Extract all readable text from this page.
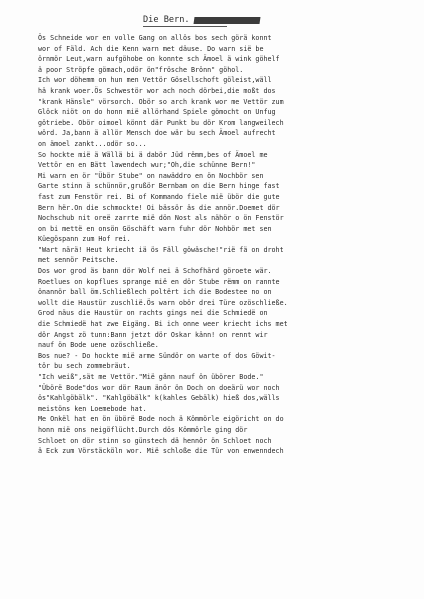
Die Bern.
Ös Schneide wor en volle Gang on allös bos sech görä konnt
wor of Fäld. Ach die Kenn warn met däuse. Do warn sië be
örnmör Leut,warn aufgöhobe on konnte sch Ämoel ä wink göhelf
ä poor Ströpfe gömach,odör ön"frösche Brönn" göhol.
Ich wor döhemm on hun men Vettör Gösellschoft göleist,wäll
hä krank woer.Ös Schwestör wor ach noch dörbei,die moßt dos
"krank Hänsle" vörsorch. Obör so arch krank wor me Vettör zum
Glöck niöt on do honn mië allörhand Spiele gömocht on Unfug
götriebe. Obör oimoel könnt där Punkt bu dör Krom langweilech
wörd. Ja,bann ä allör Mensch doe wär bu sech Ämoel aufrecht
on ämoel zankt...odör so...
So hockte mië ä Wällä bi ä dabör Jüd rëmm,bes of Ämoel me
Vettör en en Bätt lawendech wur;"Oh,die schünne Bern!"
Mi warn en ör "Übör Stube" on nawäddro en ön Nochbör sen
Garte stinn ä schünnör,grußör Bernbam on die Bern hinge fast
fast zum Fenstör rei. Bi of Kommando fiele mië übör die gute
Bern hër.On die schmockte! Oi bässör äs die annör.Doemet dör
Nochschub nit oreë zarrte mië dön Nost als nähör o ön Fenstör
on bi mettë en onsön Göschäft warn fuhr dör Nohbör met sen
Küegöspann zum Hof rei.
"Wart närä! Heut kriecht iä ös Fäll göwäsche!"rië fä on droht
met sennör Peitsche.
Dos wor grod äs bann dör Wolf nei ä Schofhärd göroete wär.
Roetlues on kopflues sprange mië en dör Stube rëmm on rannte
önannör ball öm.Schließlech poltërt ich die Bodestee no on
wollt die Haustür zuschlië.Ös warn obör drei Türe ozöschließe.
Grod näus die Haustür on rachts gings nei die Schmiedë on
die Schmiedë hat zwe Eigäng. Bi ich onne weer kriecht ichs met
dör Angst zö tunn:Bann jetzt dör Oskar känn! on rennt wir
nauf ön Bode uene ozöschließe.
Bos nue? - Do hockte mië arme Sündör on warte of dos Göwit-
tör bu sech zommebräut.
"Ich weiß",sät me Vettör."Mië gänn nauf ön übörer Bode."
"Übörë Bode"dos wor dör Raum änör ön Doch on doeärü wor noch
ös"Kahlgöbälk". "Kahlgöbälk" k(kahles Gebälk) hieß dos,wälls
meistöns ken Loemebode hat.
Me Onkël hat en ön übörë Bode noch ä Kömmörle eigöricht on do
honn mië ons neigöflücht.Durch dös Kömmörle ging dör
Schloet on dör stinn so günstech dä hennör ön Schloet noch
ä Eck zum Vörstäcköln wor. Mië schloße die Tür von enwenndech
